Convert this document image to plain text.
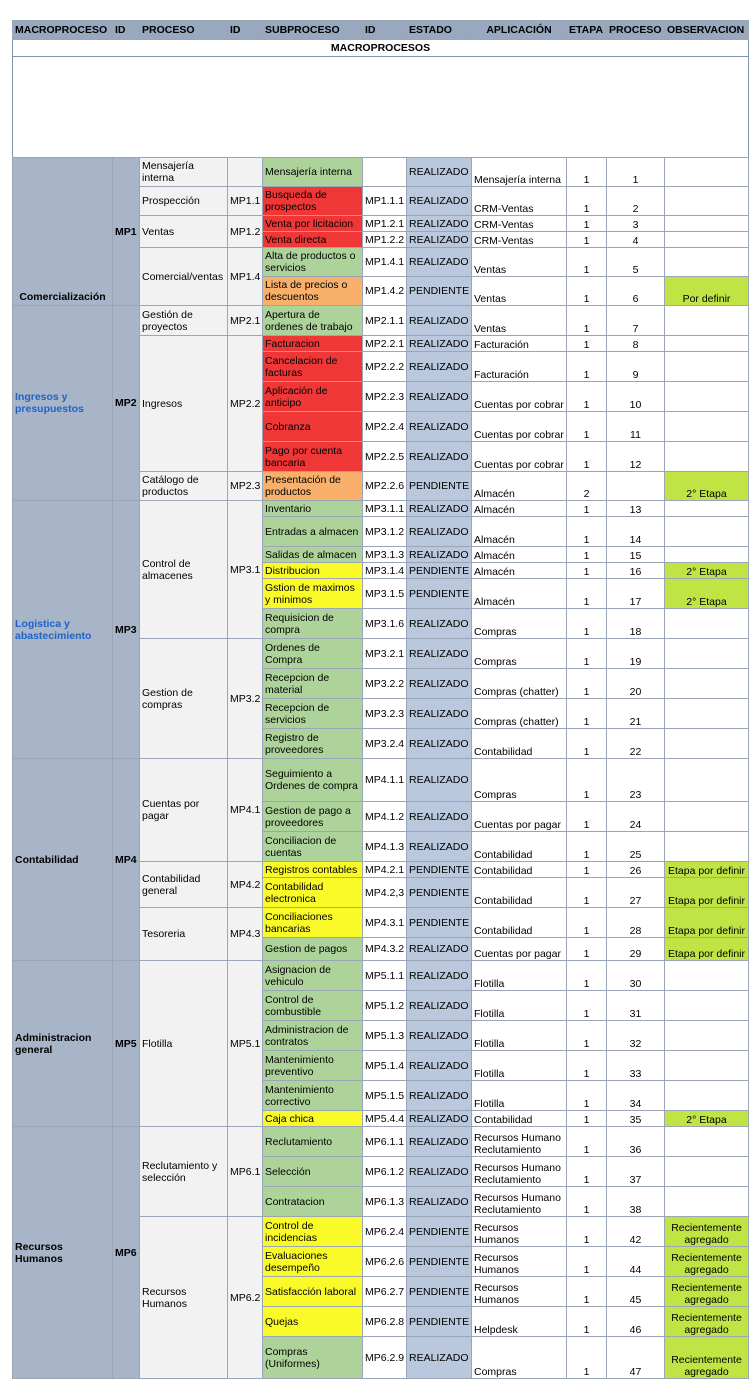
MACROPROCESOS										

MACROPROCESO	ID	PROCESO	ID	SUBPROCESO	ID	ESTADO	APLICACIÓN	ETAPA	PROCESO	OBSERVACION
Comercialización	MP1	Mensajería interna		Mensajería interna		REALIZADO	Mensajería interna	1	1	
		Prospección	MP1.1	Busqueda de prospectos	MP1.1.1	REALIZADO	CRM-Ventas	1	2	
		Ventas	MP1.2	Venta por licitacion	MP1.2.1	REALIZADO	CRM-Ventas	1	3	
				Venta directa	MP1.2.2	REALIZADO	CRM-Ventas	1	4	
		Comercial/ventas	MP1.4	Alta de productos o servicios	MP1.4.1	REALIZADO	Ventas	1	5	
				Lista de precios o descuentos	MP1.4.2	PENDIENTE	Ventas	1	6	Por definir
Ingresos y presupuestos	MP2	Gestión de proyectos	MP2.1	Apertura de ordenes de trabajo	MP2.1.1	REALIZADO	Ventas	1	7	
		Ingresos	MP2.2	Facturacion	MP2.2.1	REALIZADO	Facturación	1	8	
				Cancelacion de facturas	MP2.2.2	REALIZADO	Facturación	1	9	
				Aplicación de anticipo	MP2.2.3	REALIZADO	Cuentas por cobrar	1	10	
				Cobranza	MP2.2.4	REALIZADO	Cuentas por cobrar	1	11	
				Pago por cuenta bancaria	MP2.2.5	REALIZADO	Cuentas por cobrar	1	12	
		Catálogo de productos	MP2.3	Presentación de productos	MP2.2.6	PENDIENTE	Almacén	2		2° Etapa
Logistica y abastecimiento	MP3	Control de almacenes	MP3.1	Inventario	MP3.1.1	REALIZADO	Almacén	1	13	
				Entradas a almacen	MP3.1.2	REALIZADO	Almacén	1	14	
				Salidas de almacen	MP3.1.3	REALIZADO	Almacén	1	15	
				Distribucion	MP3.1.4	PENDIENTE	Almacén	1	16	2° Etapa
				Gstion de maximos y minimos	MP3.1.5	PENDIENTE	Almacén	1	17	2° Etapa
				Requisicion de compra	MP3.1.6	REALIZADO	Compras	1	18	
		Gestion de compras	MP3.2	Ordenes de Compra	MP3.2.1	REALIZADO	Compras	1	19	
				Recepcion de material	MP3.2.2	REALIZADO	Compras (chatter)	1	20	
				Recepcion de servicios	MP3.2.3	REALIZADO	Compras (chatter)	1	21	
				Registro de proveedores	MP3.2.4	REALIZADO	Contabilidad	1	22	
Contabilidad	MP4	Cuentas por pagar	MP4.1	Seguimiento a Ordenes de compra	MP4.1.1	REALIZADO	Compras	1	23	
				Gestion de pago a proveedores	MP4.1.2	REALIZADO	Cuentas por pagar	1	24	
				Conciliacion de cuentas	MP4.1.3	REALIZADO	Contabilidad	1	25	
		Contabilidad general	MP4.2	Registros contables	MP4.2.1	PENDIENTE	Contabilidad	1	26	Etapa por definir
				Contabilidad electronica	MP4.2,3	PENDIENTE	Contabilidad	1	27	Etapa por definir
		Tesoreria	MP4.3	Conciliaciones bancarias	MP4.3.1	PENDIENTE	Contabilidad	1	28	Etapa por definir
				Gestion de pagos	MP4.3.2	REALIZADO	Cuentas por pagar	1	29	Etapa por definir
Administracion general	MP5	Flotilla	MP5.1	Asignacion de vehiculo	MP5.1.1	REALIZADO	Flotilla	1	30	
				Control de combustible	MP5.1.2	REALIZADO	Flotilla	1	31	
				Administracion de contratos	MP5.1.3	REALIZADO	Flotilla	1	32	
				Mantenimiento preventivo	MP5.1.4	REALIZADO	Flotilla	1	33	
				Mantenimiento correctivo	MP5.1.5	REALIZADO	Flotilla	1	34	
				Caja chica	MP5.4.4	REALIZADO	Contabilidad	1	35	2° Etapa
Recursos Humanos	MP6	Reclutamiento y selección	MP6.1	Reclutamiento	MP6.1.1	REALIZADO	Recursos Humano Reclutamiento	1	36	
				Selección	MP6.1.2	REALIZADO	Recursos Humano Reclutamiento	1	37	
				Contratacion	MP6.1.3	REALIZADO	Recursos Humano Reclutamiento	1	38	
		Recursos Humanos	MP6.2	Control de incidencias	MP6.2.4	PENDIENTE	Recursos Humanos	1	42	Recientemente agregado
				Evaluaciones desempeño	MP6.2.6	PENDIENTE	Recursos Humanos	1	44	Recientemente agregado
				Satisfacción laboral	MP6.2.7	PENDIENTE	Recursos Humanos	1	45	Recientemente agregado
				Quejas	MP6.2.8	PENDIENTE	Helpdesk	1	46	Recientemente agregado
				Compras (Uniformes)	MP6.2.9	REALIZADO	Compras	1	47	Recientemente agregado
